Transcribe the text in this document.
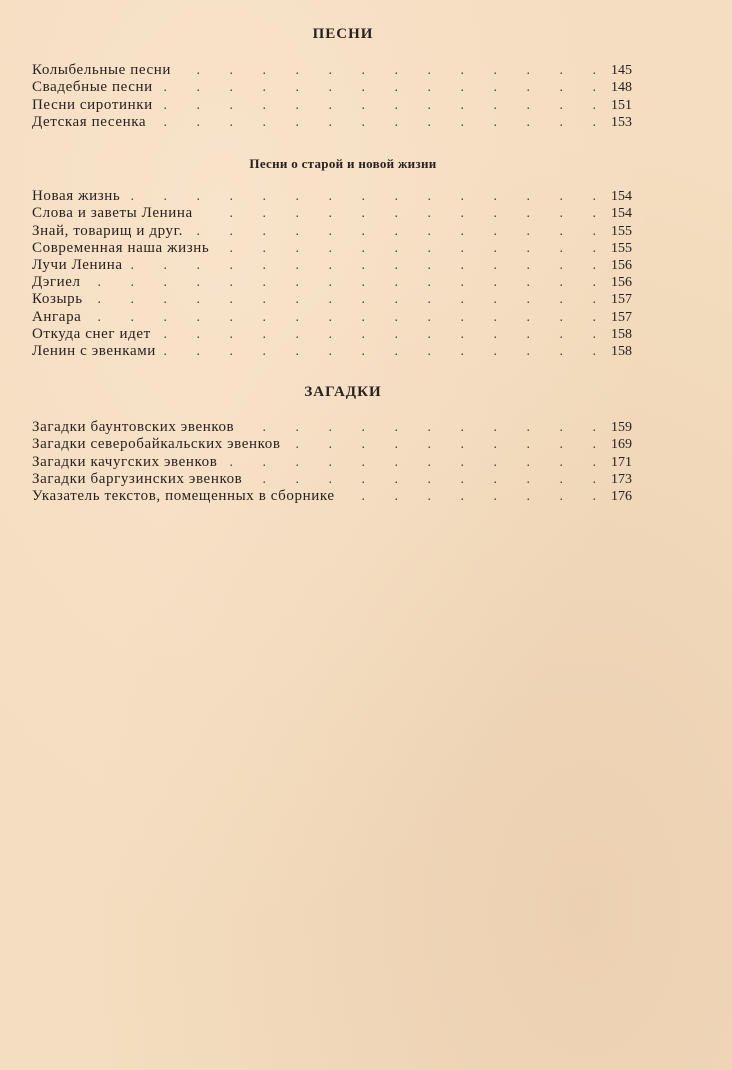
ПЕСНИ
Колыбельные песни . . .	145
Свадебные песни . . .	148
Песни сиротинки . . .	151
Детская песенка . . .	153
Песни о старой и новой жизни
Новая жизнь . . .	154
Слова и заветы Ленина . . .	154
Знай, товарищ и друг. . . .	155
Современная наша жизнь . . .	155
Лучи Ленина . . .	156
Дэгиел . . .	156
Козырь . . .	157
Ангара . . .	157
Откуда снег идет . . .	158
Ленин с эвенками . . .	158
ЗАГАДКИ
Загадки баунтовских эвенков . . .	159
Загадки северобайкальских эвенков . . .	169
Загадки качугских эвенков . . .	171
Загадки баргузинских эвенков . . .	173
Указатель текстов, помещенных в сборнике . . .	176
